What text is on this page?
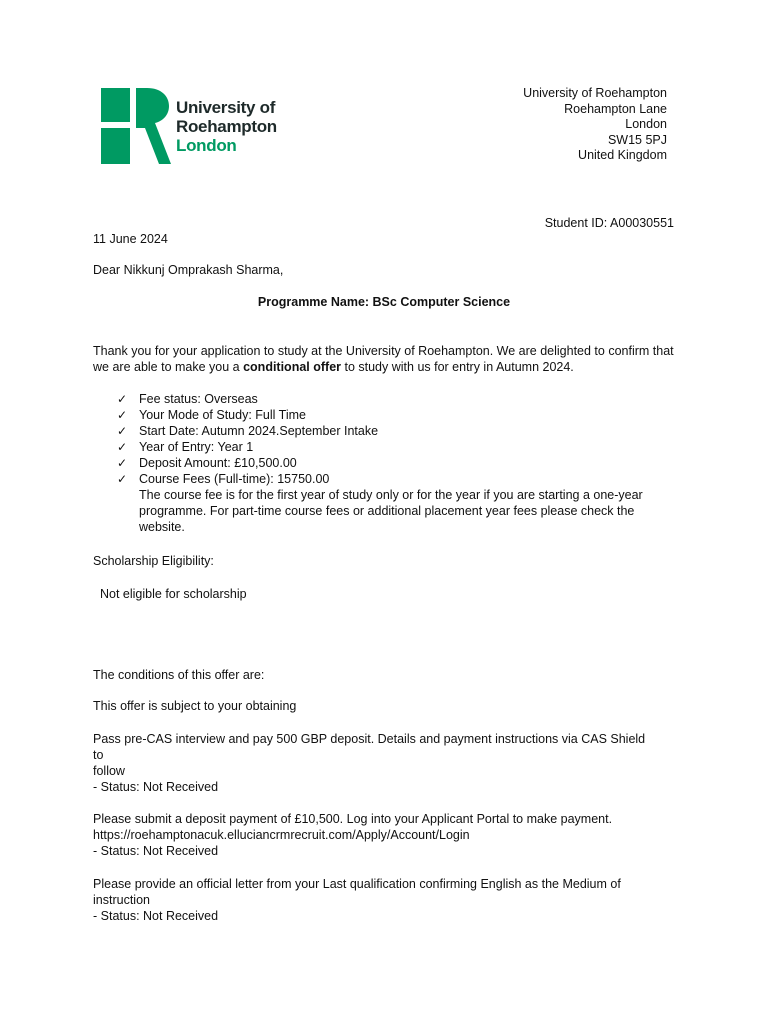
University of
Roehampton
London
University of Roehampton
Roehampton Lane
London
SW15 5PJ
United Kingdom
Student ID: A00030551
11 June 2024
Dear Nikkunj Omprakash Sharma,
Programme Name: BSc Computer Science
Thank you for your application to study at the University of Roehampton. We are delighted to confirm that we are able to make you a conditional offer to study with us for entry in Autumn 2024.
✓ Fee status: Overseas
✓ Your Mode of Study: Full Time
✓ Start Date: Autumn 2024.September Intake
✓ Year of Entry: Year 1
✓ Deposit Amount: £10,500.00
✓ Course Fees (Full-time): 15750.00
The course fee is for the first year of study only or for the year if you are starting a one-year programme. For part-time course fees or additional placement year fees please check the website.
Scholarship Eligibility:
Not eligible for scholarship
The conditions of this offer are:
This offer is subject to your obtaining

Pass pre-CAS interview and pay 500 GBP deposit. Details and payment instructions via CAS Shield

to

follow

- Status: Not Received

Please submit a deposit payment of £10,500. Log into your Applicant Portal to make payment.

https://roehamptonacuk.elluciancrmrecruit.com/Apply/Account/Login

- Status: Not Received

Please provide an official letter from your Last qualification confirming English as the Medium of

instruction

- Status: Not Received
